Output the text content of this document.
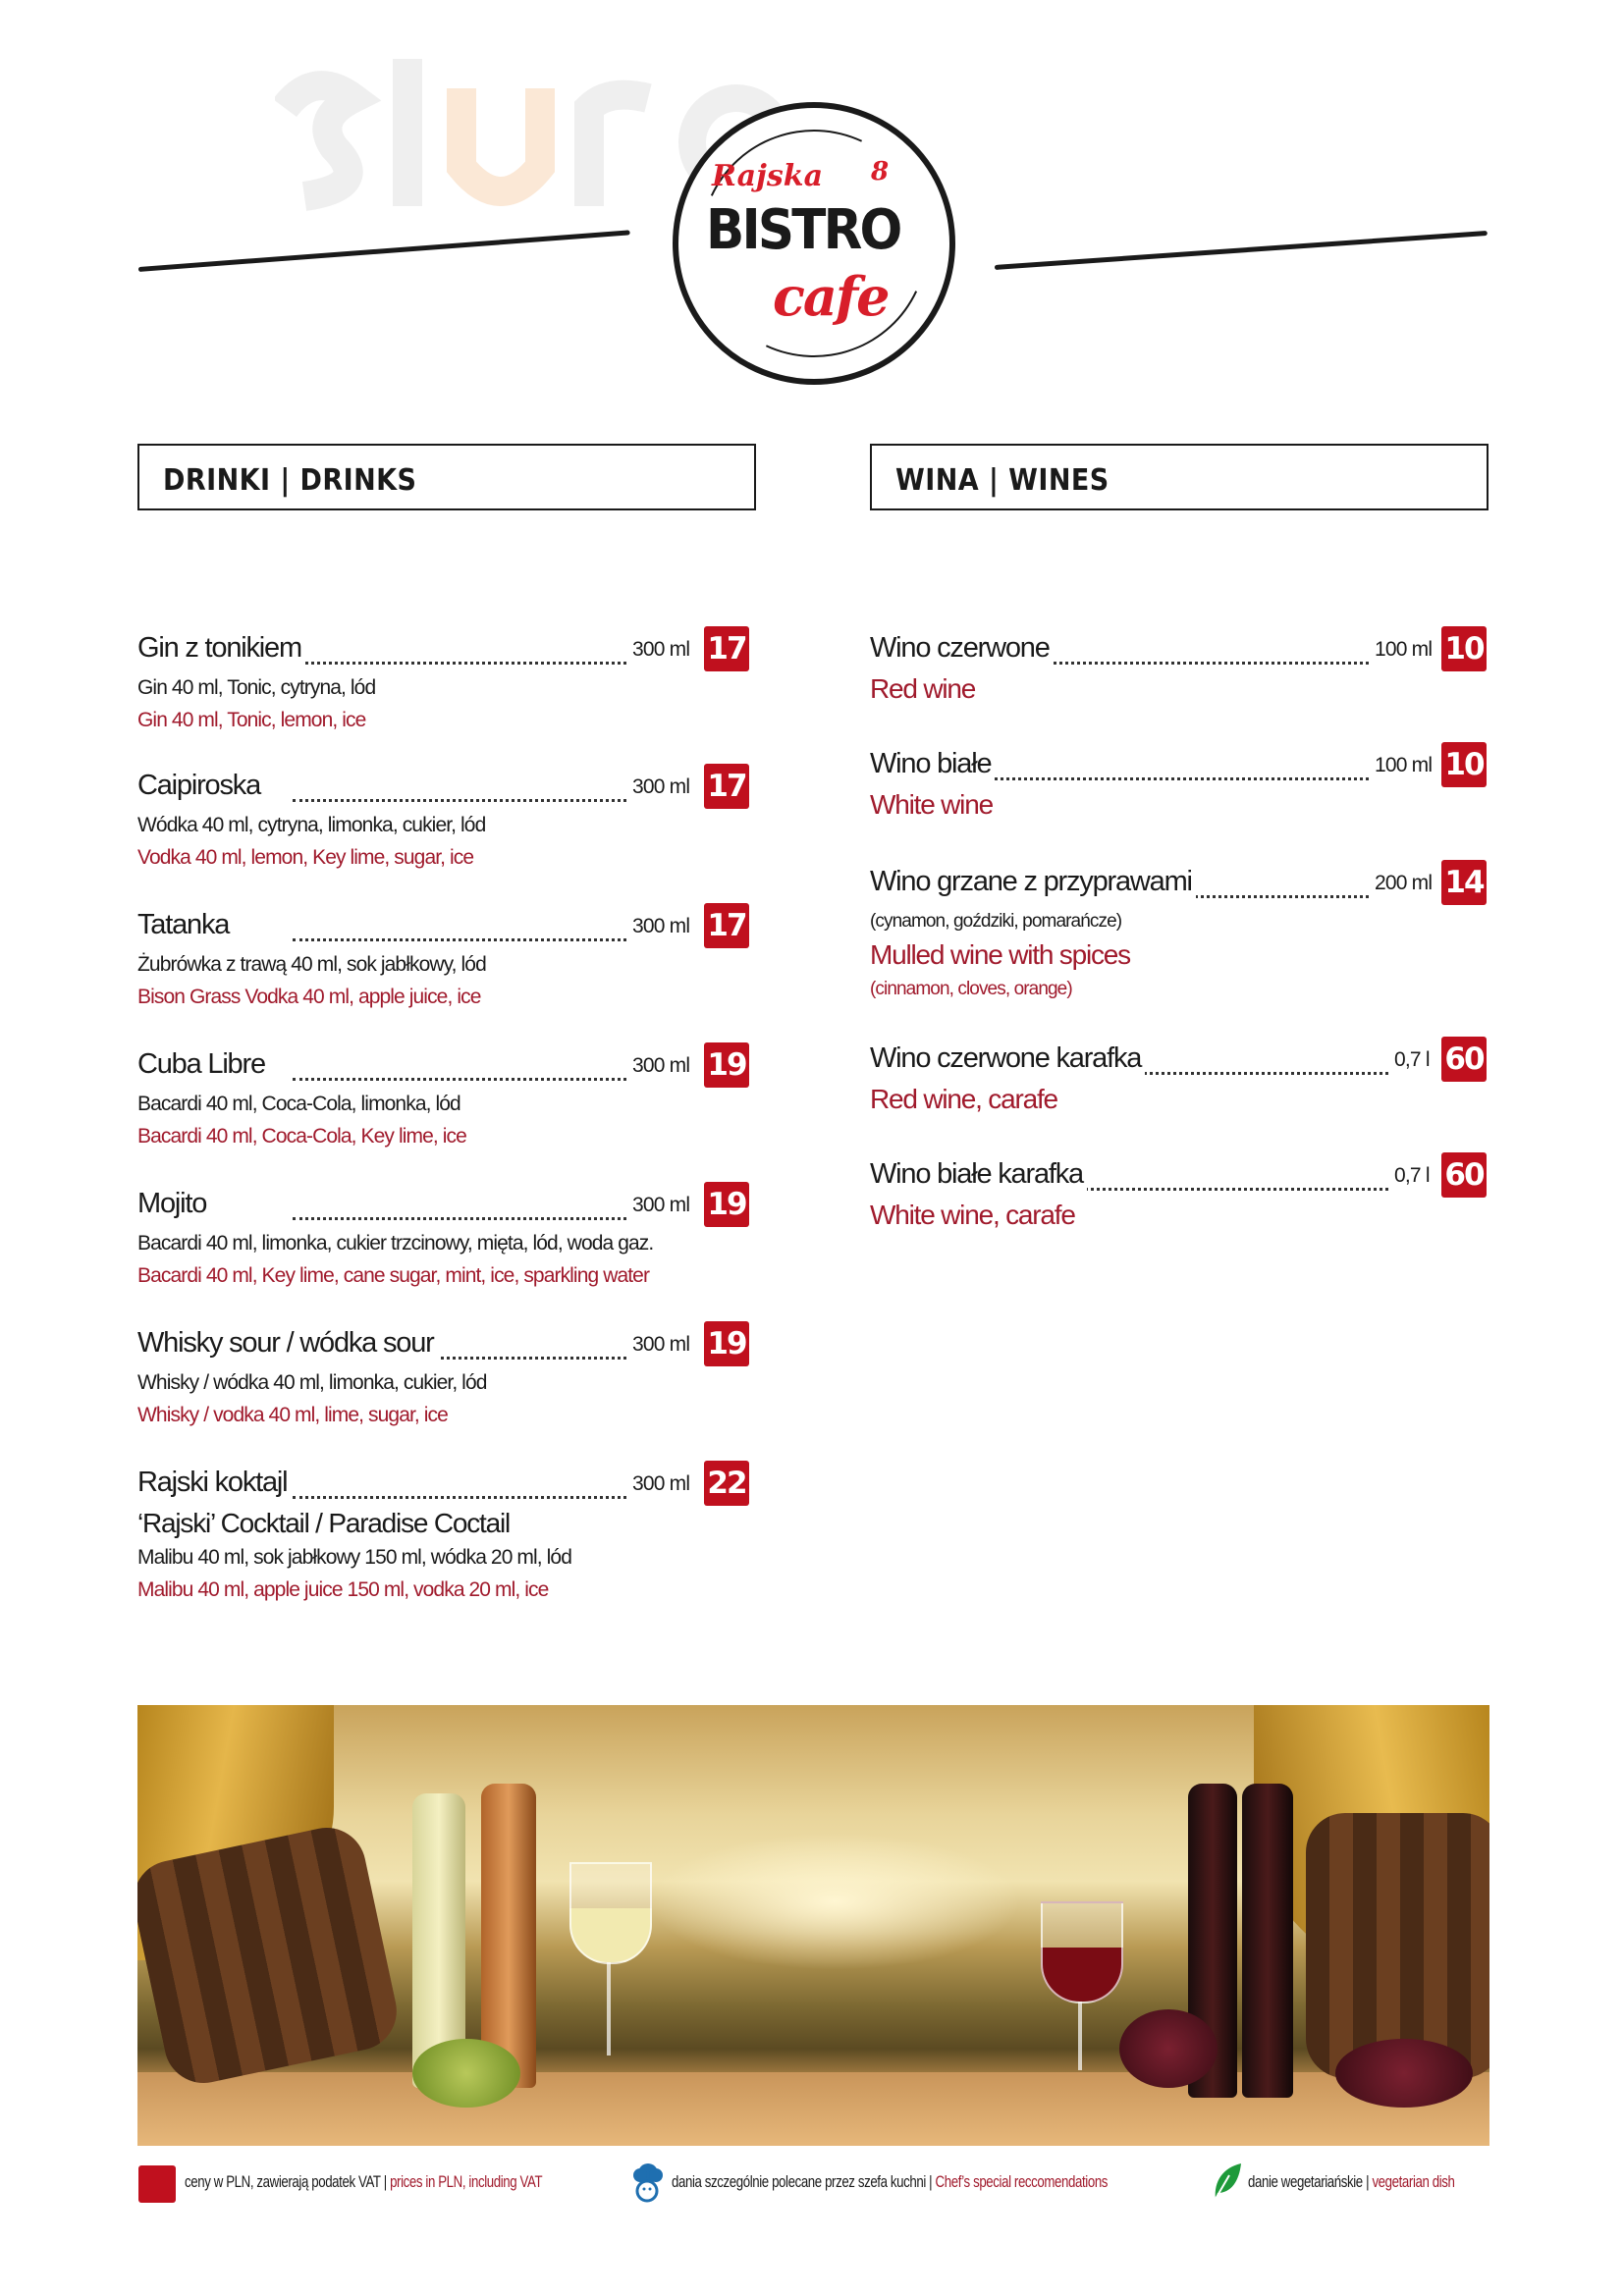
Rajska 8
BISTRO
cafe
DRINKI | DRINKS	WINA | WINES
Gin z tonikiem	300 ml 17
Gin 40 ml, Tonic, cytryna, lód
Gin 40 ml, Tonic, lemon, ice
Caipiroska	300 ml 17
Wódka 40 ml, cytryna, limonka, cukier, lód
Vodka 40 ml, lemon, Key lime, sugar, ice
Tatanka	300 ml 17
Żubrówka z trawą 40 ml, sok jabłkowy, lód
Bison Grass Vodka 40 ml, apple juice, ice
Cuba Libre	300 ml 19
Bacardi 40 ml, Coca-Cola, limonka, lód
Bacardi 40 ml, Coca-Cola, Key lime, ice
Mojito	300 ml 19
Bacardi 40 ml, limonka, cukier trzcinowy, mięta, lód, woda gaz.
Bacardi 40 ml, Key lime, cane sugar, mint, ice, sparkling water
Whisky sour / wódka sour	300 ml 19
Whisky / wódka 40 ml, limonka, cukier, lód
Whisky / vodka 40 ml, lime, sugar, ice
Rajski koktajl	300 ml 22
‘Rajski’ Cocktail / Paradise Coctail
Malibu 40 ml, sok jabłkowy 150 ml, wódka 20 ml, lód
Malibu 40 ml, apple juice 150 ml, vodka 20 ml, ice
Wino czerwone	100 ml 10
Red wine
Wino białe	100 ml 10
White wine
Wino grzane z przyprawami	200 ml 14
(cynamon, goździki, pomarańcze)
Mulled wine with spices
(cinnamon, cloves, orange)
Wino czerwone karafka	0,7 l 60
Red wine, carafe
Wino białe karafka	0,7 l 60
White wine, carafe
ceny w PLN, zawierają podatek VAT | prices in PLN, including VAT	dania szczególnie polecane przez szefa kuchni | Chef’s special reccomendations	danie wegetariańskie | vegetarian dish
